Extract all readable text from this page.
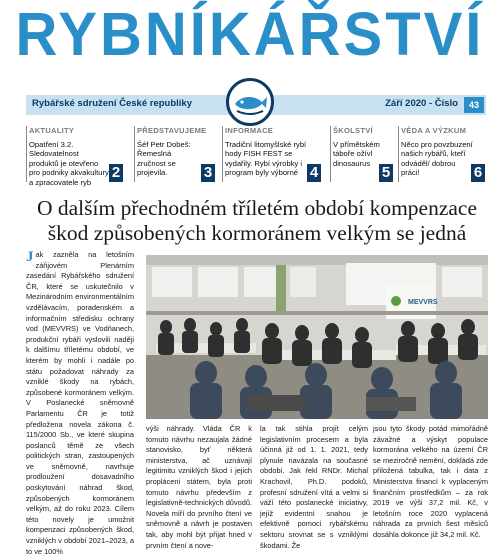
RYBNÍKÁŘSTVÍ
Rybářské sdružení České republiky	Září 2020 - Číslo	43
AKTUALITY
Opatření 3.2. Sledovatelnost produktů je otevřeno pro podniky akvakultury a zpracovatele ryb
2
PŘEDSTAVUJEME
Šéf Petr Dobeš: Řemeslná zručnost se projevila.	3
INFORMACE
Tradiční litomyšlské rybí hody FISH FEST se vydařily. Rybí výrobky i program byly výborné 4
ŠKOLSTVÍ
V přímětském táboře ožívl dinosaurus
5
VĚDA A VÝZKUM
Něco pro povzbuzení našich rybářů, kteří odváděl/ dobrou práci!	6
O dalším přechodném tříletém období kompenzace škod způsobených kormoránem velkým se jedná
Jak zazněla na letošním zářijovém Plenárním zasedání Rybářského sdružení ČR, které se uskutečnilo v Mezinárodním environmentálním vzdělávacím, poradenském a informačním středisku ochrany vod (MEVVRS) ve Vodňanech, produkční rybáři vyslovili naději k dalšímu tříletému období, ve kterém by mohli i nadále po státu požadovat náhrady za vzniklé škody na rybách, způsobené kormoránem velkým. V Poslanecké sněmovně Parlamentu ČR je totiž předložena novela zákona č. 115/2000 Sb., ve které skupina poslanců těmě ze všech politických stran, zastoupených ve sněmovně, navrhuje prodloužení dosavadního poskytování náhrad škod, způsobených kormoránem velkým, až do roku 2023. Cílem této novely je umožnit kompenzaci způsobených škod, vzniklých v období 2021–2023, a to ve 100%
MEVVRS
výši náhrady. Vláda ČR k tomuto návrhu nezaujala žádné stanovisko, byť některá ministerstva, ač uznávají legitimitu vzniklých škod i jejich propláceni státem, byla proti tomuto návrhu především z legislativně-technických důvodů. Novela míří do prvního čtení ve sněmovně a návrh je postaven tak, aby mohl být přijat hned v prvním čtení a nove-
la tak stihla projít celým legislativním procesem a byla účinná již od 1. 1. 2021, tedy plynule navázala na současné období. Jak řekl RNDr. Michal Krachovil, Ph.D. podoků, profesní sdružení vítá a velmi si váží této poslanecké iniciativy, jejíž evidentní snahou je efektivně pomoci rybářskému sektoru srovnat se s vzniklými škodami. Že
jsou tyto škody potád mimořádně závažné a výskyt populace kormorána velkého na území ČR se meziročně nemění, dokládá zde přiložená tabulka, tak i data z Ministerstva financí k vyplaceným finančním prostředkům – za rok 2019 ve výši 37,2 mil. Kč, v letošním roce 2020 vyplacená náhrada za prvních šest měsíců dosáhla dokonce již 34,2 mil. Kč.
